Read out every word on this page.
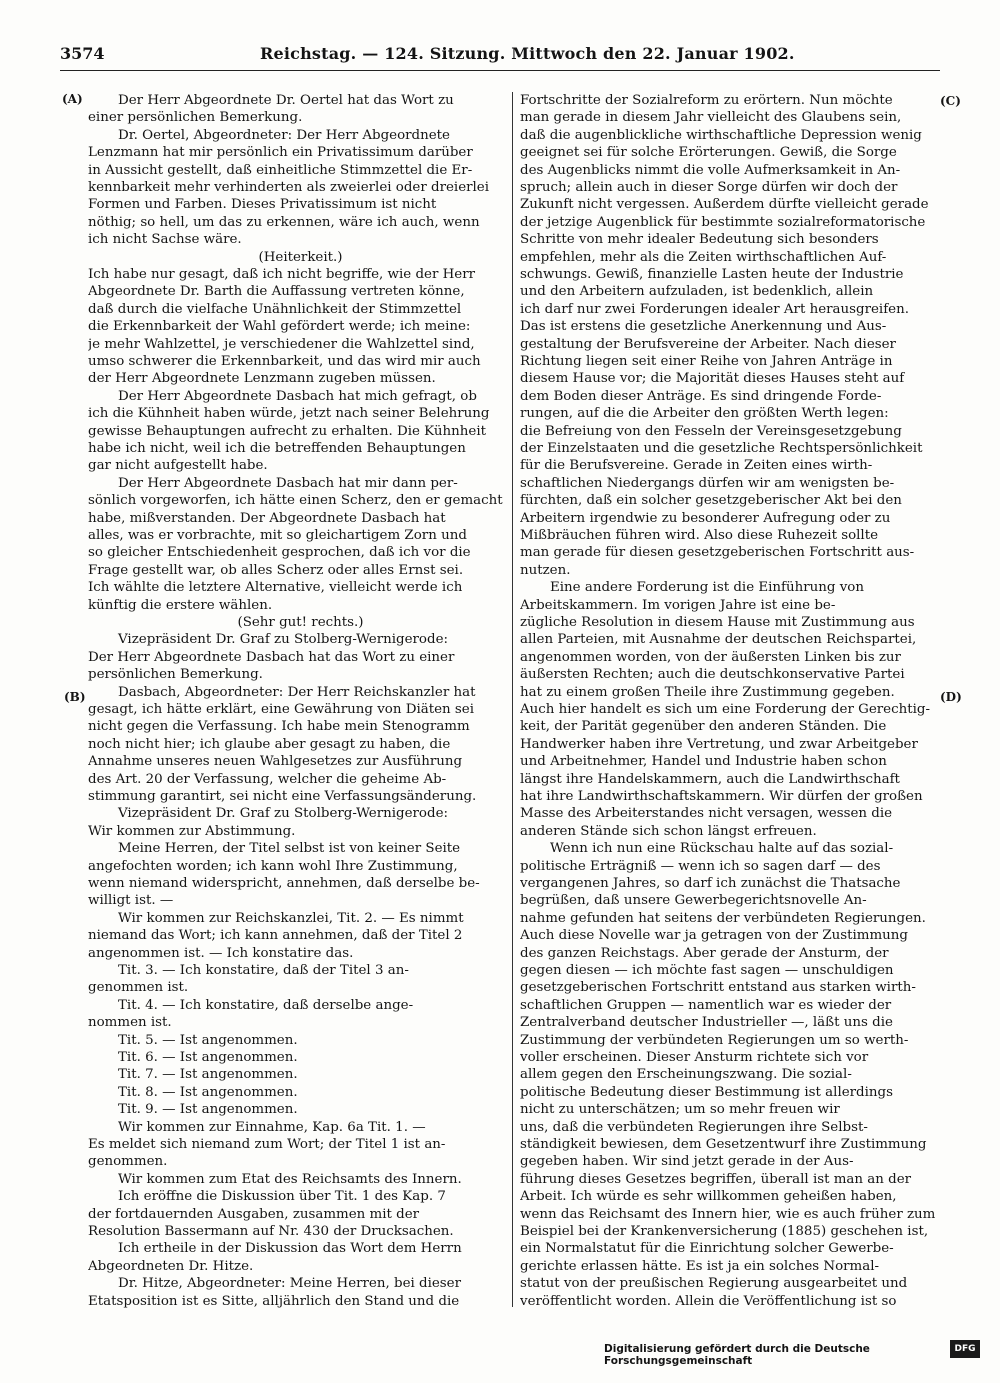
3574	Reichstag. — 124. Sitzung. Mittwoch den 22. Januar 1902.
(A)
(B)
(C)
(D)
Der Herr Abgeordnete Dr. Oertel hat das Wort zu
einer persönlichen Bemerkung.
Dr. Oertel, Abgeordneter: Der Herr Abgeordnete
Lenzmann hat mir persönlich ein Privatissimum darüber
in Aussicht gestellt, daß einheitliche Stimmzettel die Er-
kennbarkeit mehr verhinderten als zweierlei oder dreierlei
Formen und Farben. Dieses Privatissimum ist nicht
nöthig; so hell, um das zu erkennen, wäre ich auch, wenn
ich nicht Sachse wäre.
(Heiterkeit.)
Ich habe nur gesagt, daß ich nicht begriffe, wie der Herr
Abgeordnete Dr. Barth die Auffassung vertreten könne,
daß durch die vielfache Unähnlichkeit der Stimmzettel
die Erkennbarkeit der Wahl gefördert werde; ich meine:
je mehr Wahlzettel, je verschiedener die Wahlzettel sind,
umso schwerer die Erkennbarkeit, und das wird mir auch
der Herr Abgeordnete Lenzmann zugeben müssen.
Der Herr Abgeordnete Dasbach hat mich gefragt, ob
ich die Kühnheit haben würde, jetzt nach seiner Belehrung
gewisse Behauptungen aufrecht zu erhalten. Die Kühnheit
habe ich nicht, weil ich die betreffenden Behauptungen
gar nicht aufgestellt habe.
Der Herr Abgeordnete Dasbach hat mir dann per-
sönlich vorgeworfen, ich hätte einen Scherz, den er gemacht
habe, mißverstanden. Der Abgeordnete Dasbach hat
alles, was er vorbrachte, mit so gleichartigem Zorn und
so gleicher Entschiedenheit gesprochen, daß ich vor die
Frage gestellt war, ob alles Scherz oder alles Ernst sei.
Ich wählte die letztere Alternative, vielleicht werde ich
künftig die erstere wählen.
(Sehr gut! rechts.)
Vizepräsident Dr. Graf zu Stolberg-Wernigerode:
Der Herr Abgeordnete Dasbach hat das Wort zu einer
persönlichen Bemerkung.
Dasbach, Abgeordneter: Der Herr Reichskanzler hat
gesagt, ich hätte erklärt, eine Gewährung von Diäten sei
nicht gegen die Verfassung. Ich habe mein Stenogramm
noch nicht hier; ich glaube aber gesagt zu haben, die
Annahme unseres neuen Wahlgesetzes zur Ausführung
des Art. 20 der Verfassung, welcher die geheime Ab-
stimmung garantirt, sei nicht eine Verfassungsänderung.
Vizepräsident Dr. Graf zu Stolberg-Wernigerode:
Wir kommen zur Abstimmung.
Meine Herren, der Titel selbst ist von keiner Seite
angefochten worden; ich kann wohl Ihre Zustimmung,
wenn niemand widerspricht, annehmen, daß derselbe be-
willigt ist. —
Wir kommen zur Reichskanzlei, Tit. 2. — Es nimmt
niemand das Wort; ich kann annehmen, daß der Titel 2
angenommen ist. — Ich konstatire das.
Tit. 3. — Ich konstatire, daß der Titel 3 an-
genommen ist.
Tit. 4. — Ich konstatire, daß derselbe ange-
nommen ist.
Tit. 5. — Ist angenommen.
Tit. 6. — Ist angenommen.
Tit. 7. — Ist angenommen.
Tit. 8. — Ist angenommen.
Tit. 9. — Ist angenommen.
Wir kommen zur Einnahme, Kap. 6a Tit. 1. —
Es meldet sich niemand zum Wort; der Titel 1 ist an-
genommen.
Wir kommen zum Etat des Reichsamts des Innern.
Ich eröffne die Diskussion über Tit. 1 des Kap. 7
der fortdauernden Ausgaben, zusammen mit der
Resolution Bassermann auf Nr. 430 der Drucksachen.
Ich ertheile in der Diskussion das Wort dem Herrn
Abgeordneten Dr. Hitze.
Dr. Hitze, Abgeordneter: Meine Herren, bei dieser
Etatsposition ist es Sitte, alljährlich den Stand und die
Fortschritte der Sozialreform zu erörtern. Nun möchte
man gerade in diesem Jahr vielleicht des Glaubens sein,
daß die augenblickliche wirthschaftliche Depression wenig
geeignet sei für solche Erörterungen. Gewiß, die Sorge
des Augenblicks nimmt die volle Aufmerksamkeit in An-
spruch; allein auch in dieser Sorge dürfen wir doch der
Zukunft nicht vergessen. Außerdem dürfte vielleicht gerade
der jetzige Augenblick für bestimmte sozialreformatorische
Schritte von mehr idealer Bedeutung sich besonders
empfehlen, mehr als die Zeiten wirthschaftlichen Auf-
schwungs. Gewiß, finanzielle Lasten heute der Industrie
und den Arbeitern aufzuladen, ist bedenklich, allein
ich darf nur zwei Forderungen idealer Art herausgreifen.
Das ist erstens die gesetzliche Anerkennung und Aus-
gestaltung der Berufsvereine der Arbeiter. Nach dieser
Richtung liegen seit einer Reihe von Jahren Anträge in
diesem Hause vor; die Majorität dieses Hauses steht auf
dem Boden dieser Anträge. Es sind dringende Forde-
rungen, auf die die Arbeiter den größten Werth legen:
die Befreiung von den Fesseln der Vereinsgesetzgebung
der Einzelstaaten und die gesetzliche Rechtspersönlichkeit
für die Berufsvereine. Gerade in Zeiten eines wirth-
schaftlichen Niedergangs dürfen wir am wenigsten be-
fürchten, daß ein solcher gesetzgeberischer Akt bei den
Arbeitern irgendwie zu besonderer Aufregung oder zu
Mißbräuchen führen wird. Also diese Ruhezeit sollte
man gerade für diesen gesetzgeberischen Fortschritt aus-
nutzen.
Eine andere Forderung ist die Einführung von
Arbeitskammern. Im vorigen Jahre ist eine be-
zügliche Resolution in diesem Hause mit Zustimmung aus
allen Parteien, mit Ausnahme der deutschen Reichspartei,
angenommen worden, von der äußersten Linken bis zur
äußersten Rechten; auch die deutschkonservative Partei
hat zu einem großen Theile ihre Zustimmung gegeben.
Auch hier handelt es sich um eine Forderung der Gerechtig-
keit, der Parität gegenüber den anderen Ständen. Die
Handwerker haben ihre Vertretung, und zwar Arbeitgeber
und Arbeitnehmer, Handel und Industrie haben schon
längst ihre Handelskammern, auch die Landwirthschaft
hat ihre Landwirthschaftskammern. Wir dürfen der großen
Masse des Arbeiterstandes nicht versagen, wessen die
anderen Stände sich schon längst erfreuen.
Wenn ich nun eine Rückschau halte auf das sozial-
politische Erträgniß — wenn ich so sagen darf — des
vergangenen Jahres, so darf ich zunächst die Thatsache
begrüßen, daß unsere Gewerbegerichtsnovelle An-
nahme gefunden hat seitens der verbündeten Regierungen.
Auch diese Novelle war ja getragen von der Zustimmung
des ganzen Reichstags. Aber gerade der Ansturm, der
gegen diesen — ich möchte fast sagen — unschuldigen
gesetzgeberischen Fortschritt entstand aus starken wirth-
schaftlichen Gruppen — namentlich war es wieder der
Zentralverband deutscher Industrieller —, läßt uns die
Zustimmung der verbündeten Regierungen um so werth-
voller erscheinen. Dieser Ansturm richtete sich vor
allem gegen den Erscheinungszwang. Die sozial-
politische Bedeutung dieser Bestimmung ist allerdings
nicht zu unterschätzen; um so mehr freuen wir
uns, daß die verbündeten Regierungen ihre Selbst-
ständigkeit bewiesen, dem Gesetzentwurf ihre Zustimmung
gegeben haben. Wir sind jetzt gerade in der Aus-
führung dieses Gesetzes begriffen, überall ist man an der
Arbeit. Ich würde es sehr willkommen geheißen haben,
wenn das Reichsamt des Innern hier, wie es auch früher zum
Beispiel bei der Krankenversicherung (1885) geschehen ist,
ein Normalstatut für die Einrichtung solcher Gewerbe-
gerichte erlassen hätte. Es ist ja ein solches Normal-
statut von der preußischen Regierung ausgearbeitet und
veröffentlicht worden. Allein die Veröffentlichung ist so
Digitalisierung gefördert durch die Deutsche Forschungsgemeinschaft
DFG
